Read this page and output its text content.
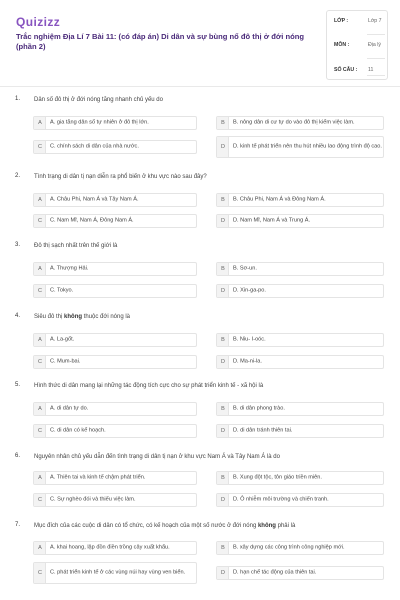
Quizizz
Trắc nghiệm Địa Lí 7 Bài 11: (có đáp án) Di dân và sự bùng nổ đô thị ở đới nóng (phần 2)
LỚP :	Lớp 7
MÔN :	Địa lý
SỐ CÂU : 11
1. Dân số đô thị ở đới nóng tăng nhanh chủ yếu do
A	A. gia tăng dân số tự nhiên ở đô thị lớn.	B	B. nông dân di cư tự do vào đô thị kiếm việc làm.
C	C. chính sách di dân của nhà nước.	D	D. kinh tế phát triển nên thu hút nhiều lao động trình độ cao.
2. Tình trạng di dân tị nạn diễn ra phổ biến ở khu vực nào sau đây?
A	A. Châu Phi, Nam Á và Tây Nam Á.	B	B. Châu Phi, Nam Á và Đông Nam Á.
C	C. Nam Mĩ, Nam Á, Đông Nam Á.	D	D. Nam Mĩ, Nam Á và Trung Á.
3. Đô thị sạch nhất trên thế giới là
A	A. Thượng Hải.	B	B. Sơ-un.
C	C. Tokyo.	D	D. Xin-ga-po.
4. Siêu đô thị không thuộc đới nóng là
A	A. La-gốt.	B	B. Niu- I-oóc.
C	C. Mum-bai.	D	D. Ma-ni-la.
5. Hình thức di dân mang lại những tác động tích cực cho sự phát triển kinh tế - xã hội là
A	A. di dân tự do.	B	B. di dân phong trào.
C	C. di dân có kế hoạch.	D	D. di dân tránh thiên tai.
6. Nguyên nhân chủ yếu dẫn đến tình trạng di dân tị nạn ở khu vực Nam Á và Tây Nam Á là do
A	A. Thiên tai và kinh tế chậm phát triển.	B	B. Xung đột tộc, tôn giáo triền miên.
C	C. Sự nghèo đói và thiếu việc làm.	D	D. Ô nhiễm môi trường và chiến tranh.
7. Mục đích của các cuộc di dân có tổ chức, có kế hoạch của một số nước ở đới nóng không phải là
A	A. khai hoang, lập đồn điền trồng cây xuất khẩu.	B	B. xây dựng các công trình công nghiệp mới.
C	C. phát triển kinh tế ở các vùng núi hay vùng ven biển.	D	D. hạn chế tác động của thiên tai.
